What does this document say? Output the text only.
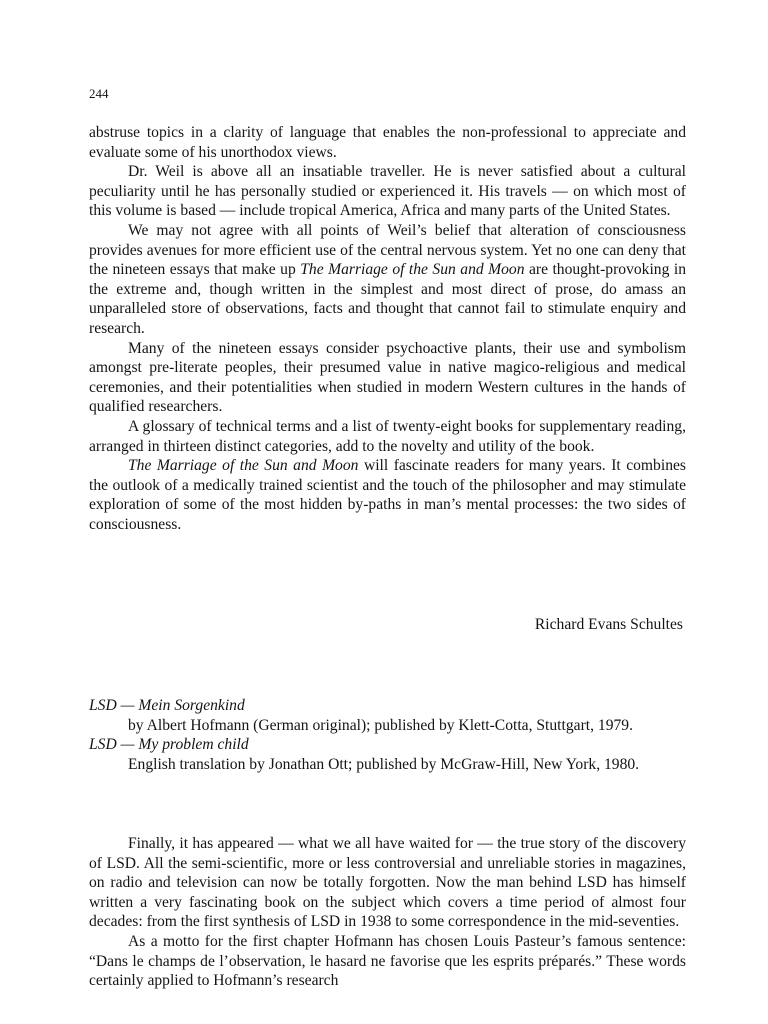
244

abstruse topics in a clarity of language that enables the non-professional to appreciate and evaluate some of his unorthodox views.

Dr. Weil is above all an insatiable traveller. He is never satisfied about a cultural peculiarity until he has personally studied or experienced it. His travels — on which most of this volume is based — include tropical America, Africa and many parts of the United States.

We may not agree with all points of Weil’s belief that alteration of consciousness provides avenues for more efficient use of the central nervous system. Yet no one can deny that the nineteen essays that make up The Marriage of the Sun and Moon are thought-provoking in the extreme and, though written in the simplest and most direct of prose, do amass an unparalleled store of observations, facts and thought that cannot fail to stimulate enquiry and research.

Many of the nineteen essays consider psychoactive plants, their use and symbolism amongst pre-literate peoples, their presumed value in native magico-religious and medical ceremonies, and their potentialities when studied in modern Western cultures in the hands of qualified researchers.

A glossary of technical terms and a list of twenty-eight books for supplementary reading, arranged in thirteen distinct categories, add to the novelty and utility of the book.

The Marriage of the Sun and Moon will fascinate readers for many years. It combines the outlook of a medically trained scientist and the touch of the philosopher and may stimulate exploration of some of the most hidden by-paths in man’s mental processes: the two sides of consciousness.

Richard Evans Schultes

LSD — Mein Sorgenkind

by Albert Hofmann (German original); published by Klett-Cotta, Stuttgart, 1979.

LSD — My problem child

English translation by Jonathan Ott; published by McGraw-Hill, New York, 1980.

Finally, it has appeared — what we all have waited for — the true story of the discovery of LSD. All the semi-scientific, more or less controversial and unreliable stories in magazines, on radio and television can now be totally forgotten. Now the man behind LSD has himself written a very fascinating book on the subject which covers a time period of almost four decades: from the first synthesis of LSD in 1938 to some correspondence in the mid-seventies.

As a motto for the first chapter Hofmann has chosen Louis Pasteur’s famous sentence: “Dans le champs de l’observation, le hasard ne favorise que les esprits préparés.” These words certainly applied to Hofmann’s research
